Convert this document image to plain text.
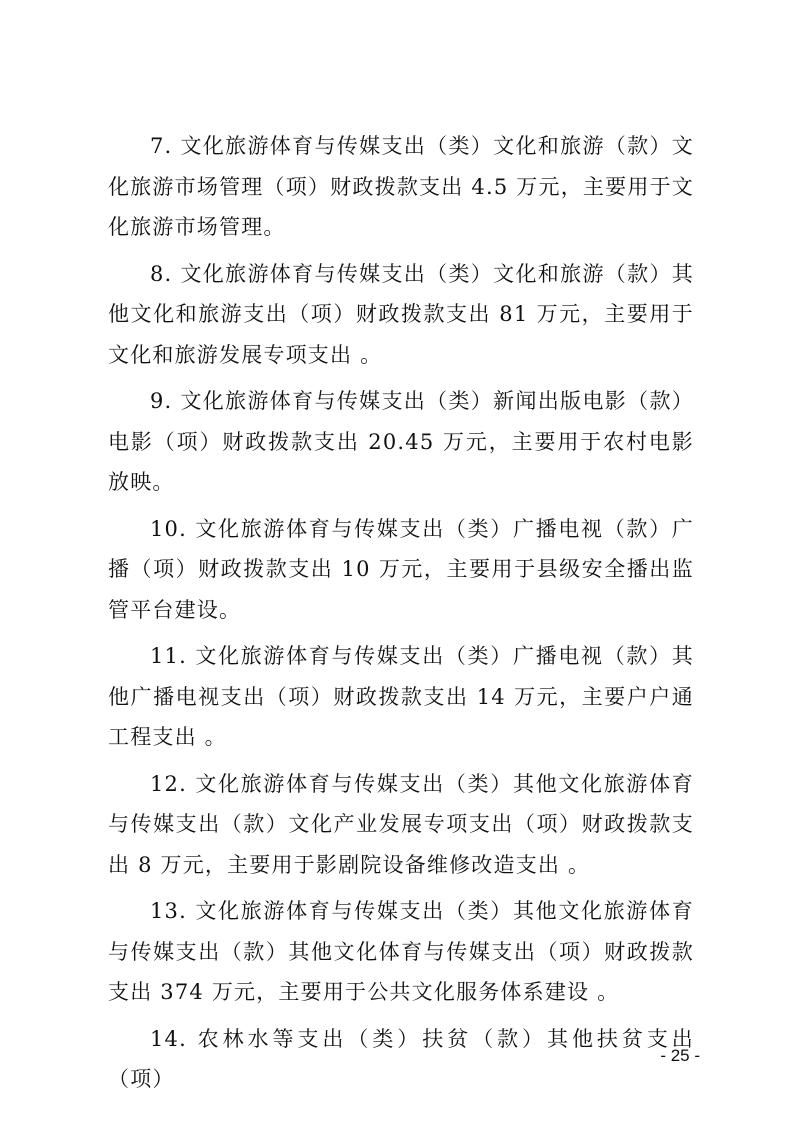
7. 文化旅游体育与传媒支出（类）文化和旅游（款）文化旅游市场管理（项）财政拨款支出 4.5 万元，主要用于文化旅游市场管理。

8. 文化旅游体育与传媒支出（类）文化和旅游（款）其他文化和旅游支出（项）财政拨款支出 81 万元，主要用于文化和旅游发展专项支出 。

9. 文化旅游体育与传媒支出（类）新闻出版电影（款）电影（项）财政拨款支出 20.45 万元，主要用于农村电影放映。

10. 文化旅游体育与传媒支出（类）广播电视（款）广播（项）财政拨款支出 10 万元，主要用于县级安全播出监管平台建设。

11. 文化旅游体育与传媒支出（类）广播电视（款）其他广播电视支出（项）财政拨款支出 14 万元，主要户户通工程支出 。

12. 文化旅游体育与传媒支出（类）其他文化旅游体育与传媒支出（款）文化产业发展专项支出（项）财政拨款支出 8 万元，主要用于影剧院设备维修改造支出 。

13. 文化旅游体育与传媒支出（类）其他文化旅游体育与传媒支出（款）其他文化体育与传媒支出（项）财政拨款支出 374 万元，主要用于公共文化服务体系建设 。

14. 农林水等支出（类）扶贫（款）其他扶贫支出（项）

- 25 -
